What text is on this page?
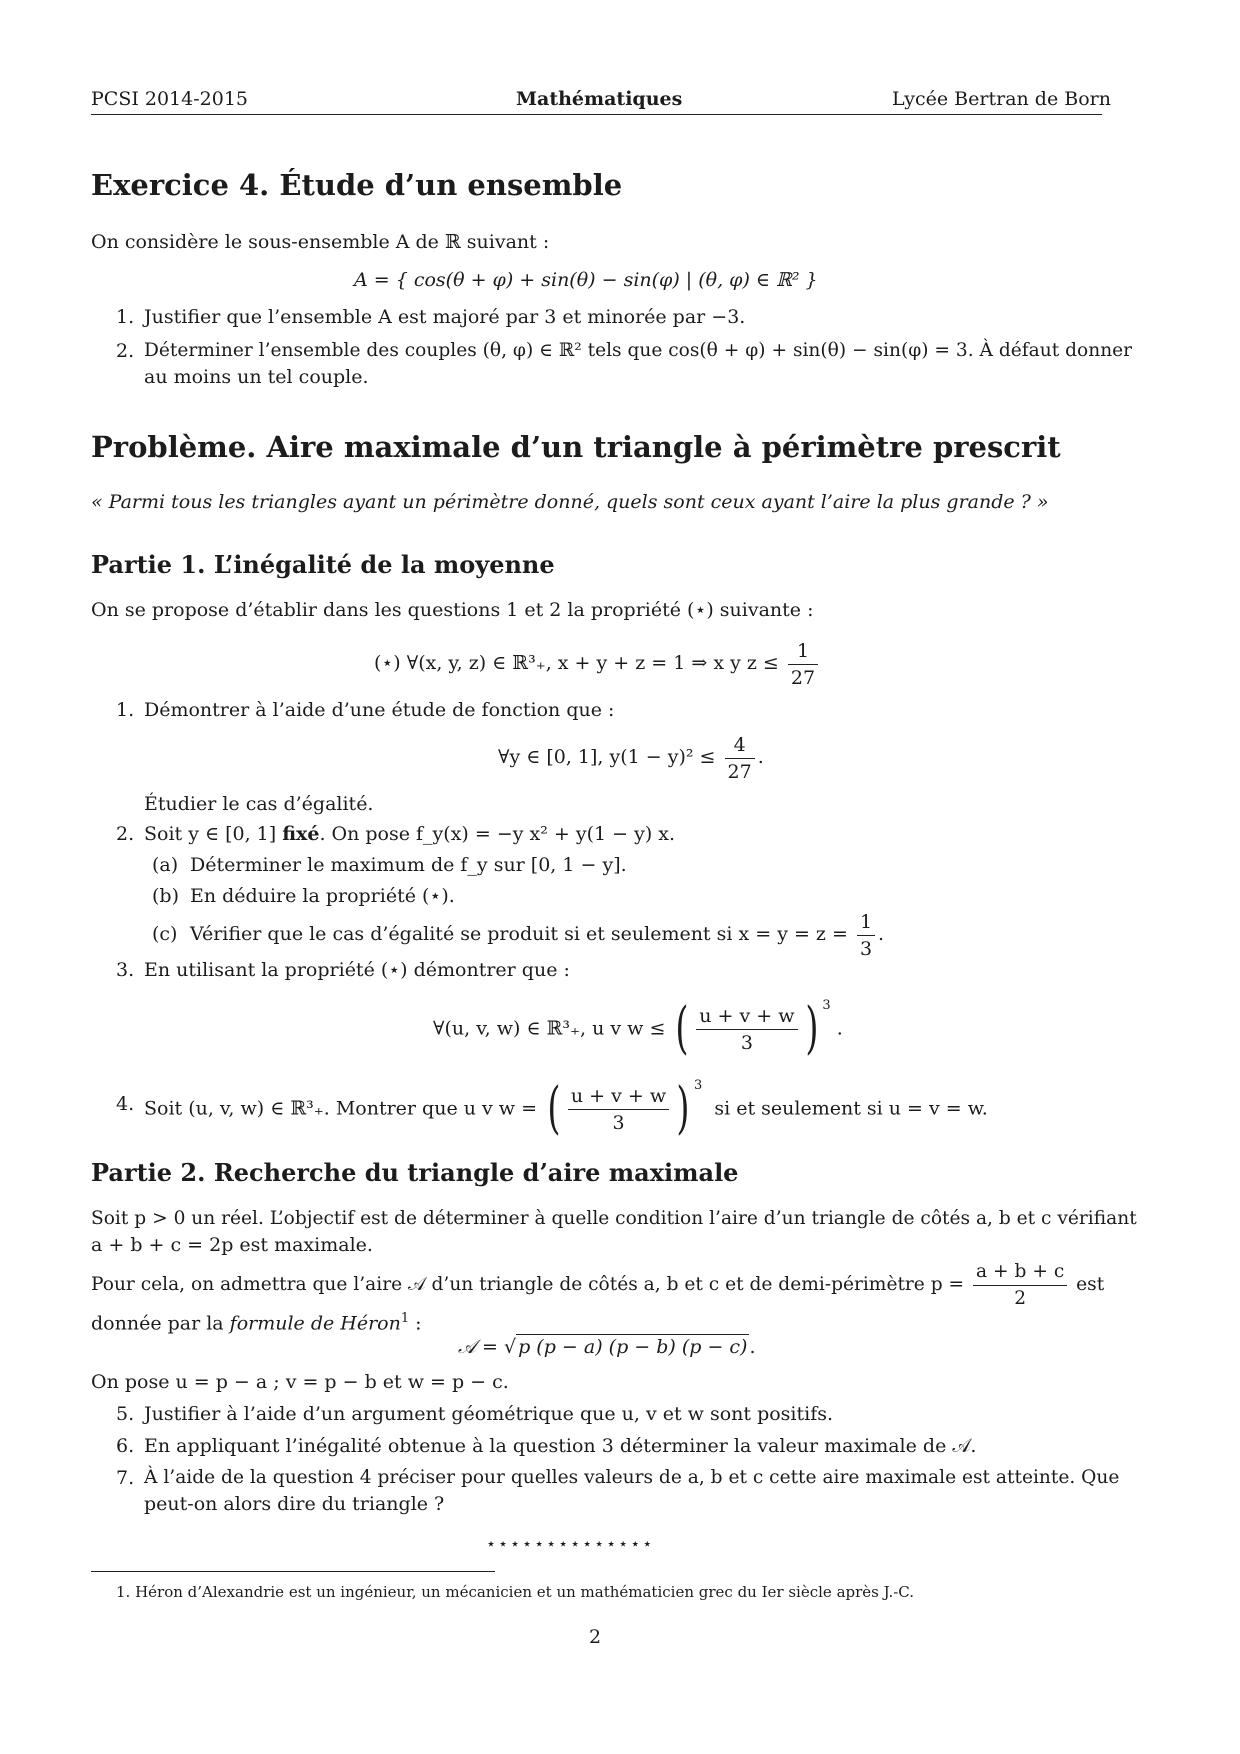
PCSI 2014-2015	Mathématiques	Lycée Bertran de Born
Exercice 4. Étude d’un ensemble
On considère le sous-ensemble A de ℝ suivant :
A = { cos(θ + φ) + sin(θ) − sin(φ) | (θ, φ) ∈ ℝ² }
1. Justifier que l’ensemble A est majoré par 3 et minorée par −3.
2. Déterminer l’ensemble des couples (θ, φ) ∈ ℝ² tels que cos(θ + φ) + sin(θ) − sin(φ) = 3. À défaut donner
au moins un tel couple.
Problème. Aire maximale d’un triangle à périmètre prescrit
« Parmi tous les triangles ayant un périmètre donné, quels sont ceux ayant l’aire la plus grande ? »
Partie 1. L’inégalité de la moyenne
On se propose d’établir dans les questions 1 et 2 la propriété (⋆) suivante :
(⋆) ∀(x, y, z) ∈ ℝ³₊, x + y + z = 1 ⇒ x y $z \le \frac{1}{27}$
1. Démontrer à l’aide d’une étude de fonction que :
∀y ∈ [0, 1], $y(1 - y)^2 \le \frac{4}{27}$ .
Étudier le cas d’égalité.
2. Soit y ∈ [0, 1] fixé. On pose f_y(x) = −y x² + y(1 − y) x.
(a) Déterminer le maximum de f_y sur [0, 1 − y].
(b) En déduire la propriété (⋆).
(c) Vérifier que le cas d’égalité se produit si et seulement si $x = y = z = \frac{1}{3}$ .
3. En utilisant la propriété (⋆) démontrer que :
∀(u, v, w) ∈ ℝ³₊, u v w ≤ ( $\frac{u + v + w}{3}$ ) $^3$ .
4. Soit (u, v, w) ∈ ℝ³₊. Montrer que u v w = ( $\frac{u + v + w}{3}$ ) $^3$  si et seulement si u = v = w.
Partie 2. Recherche du triangle d’aire maximale
Soit p > 0 un réel. L’objectif est de déterminer à quelle condition l’aire d’un triangle de côtés a, b et c vérifiant
a + b + c = 2p est maximale.
Pour cela, on admettra que l’aire 𝒜 d’un triangle de côtés a, b et c et de demi-périmètre $p = \frac{a + b + c}{2}$ est
donnée par la formule de Héron$^1$ :
𝒜 = √ p (p − a) (p − b) (p − c) .
On pose u = p − a ; v = p − b et w = p − c.
5. Justifier à l’aide d’un argument géométrique que u, v et w sont positifs.
6. En appliquant l’inégalité obtenue à la question 3 déterminer la valeur maximale de 𝒜.
7. À l’aide de la question 4 préciser pour quelles valeurs de a, b et c cette aire maximale est atteinte. Que
peut-on alors dire du triangle ?
⋆⋆⋆⋆⋆⋆⋆⋆⋆⋆⋆⋆⋆⋆
1. Héron d’Alexandrie est un ingénieur, un mécanicien et un mathématicien grec du Ier siècle après J.-C.
2
